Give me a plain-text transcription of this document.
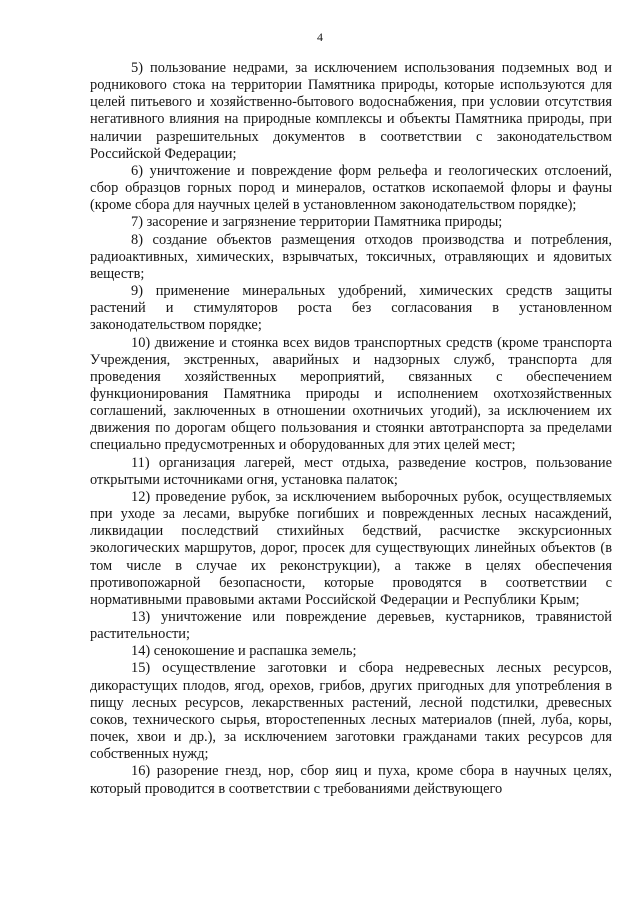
4

5) пользование недрами, за исключением использования подземных вод и родникового стока на территории Памятника природы, которые используются для целей питьевого и хозяйственно-бытового водоснабжения, при условии отсутствия негативного влияния на природные комплексы и объекты Памятника природы, при наличии разрешительных документов в соответствии с законодательством Российской Федерации;

6) уничтожение и повреждение форм рельефа и геологических отслоений, сбор образцов горных пород и минералов, остатков ископаемой флоры и фауны (кроме сбора для научных целей в установленном законодательством порядке);

7) засорение и загрязнение территории Памятника природы;

8) создание объектов размещения отходов производства и потребления, радиоактивных, химических, взрывчатых, токсичных, отравляющих и ядовитых веществ;

9) применение минеральных удобрений, химических средств защиты растений и стимуляторов роста без согласования в установленном законодательством порядке;

10) движение и стоянка всех видов транспортных средств (кроме транспорта Учреждения, экстренных, аварийных и надзорных служб, транспорта для проведения хозяйственных мероприятий, связанных с обеспечением функционирования Памятника природы и исполнением охотхозяйственных соглашений, заключенных в отношении охотничьих угодий), за исключением их движения по дорогам общего пользования и стоянки автотранспорта за пределами специально предусмотренных и оборудованных для этих целей мест;

11) организация лагерей, мест отдыха, разведение костров, пользование открытыми источниками огня, установка палаток;

12) проведение рубок, за исключением выборочных рубок, осуществляемых при уходе за лесами, вырубке погибших и поврежденных лесных насаждений, ликвидации последствий стихийных бедствий, расчистке экскурсионных экологических маршрутов, дорог, просек для существующих линейных объектов (в том числе в случае их реконструкции), а также в целях обеспечения противопожарной безопасности, которые проводятся в соответствии с нормативными правовыми актами Российской Федерации и Республики Крым;

13) уничтожение или повреждение деревьев, кустарников, травянистой растительности;

14) сенокошение и распашка земель;

15) осуществление заготовки и сбора недревесных лесных ресурсов, дикорастущих плодов, ягод, орехов, грибов, других пригодных для употребления в пищу лесных ресурсов, лекарственных растений, лесной подстилки, древесных соков, технического сырья, второстепенных лесных материалов (пней, луба, коры, почек, хвои и др.), за исключением заготовки гражданами таких ресурсов для собственных нужд;

16) разорение гнезд, нор, сбор яиц и пуха, кроме сбора в научных целях, который проводится в соответствии с требованиями действующего
